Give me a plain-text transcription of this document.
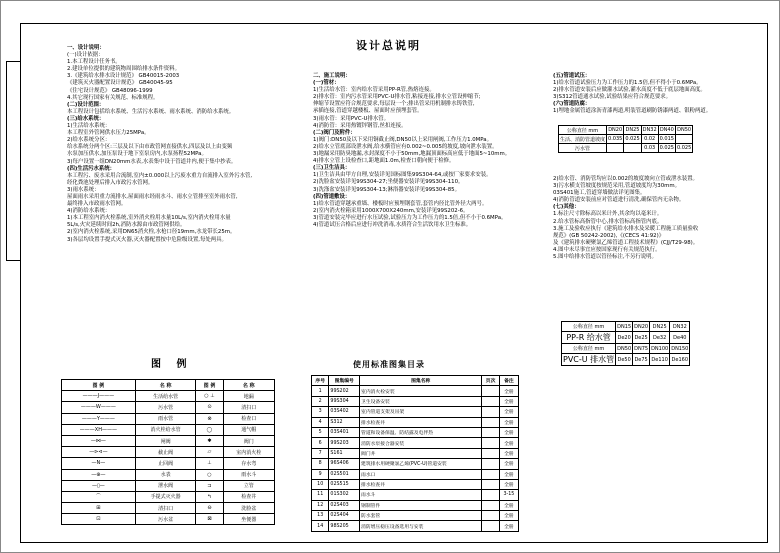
设计总说明

一、设计说明：

(一)设计依据：

1.本工程设计任务书。

2.建设单位提供的建筑物周围给排水条件资料。

3.《建筑给水排水设计规范》 GB40015-2003

《建筑灭火器配置设计规范》 GB40045-95

《住宅设计规范》 GB48096-1999

4.其它现行国家有关规范、标准规程。

(二)设计范围：

本工程设计包括给水系统、生活污水系统、雨水系统、消防给水系统。

(三)给水系统：

1)生活给水系统：

本工程室外管网供水压力25MPa。

2)给水系统分区：

给水系统分两个区:三层及以下由市政管网直接供水,四层及以上由变频

水泵加压供水,加压泵设于地下室泵房内,水泵扬程52MPa。

3)每户设置一组DN20mm水表,水表集中设于管道井内,便于集中抄表。

(四)生活污水系统：

本工程污、废水采用合流制,室内±0.000以上污废水重力自流排入室外污水管,

经化粪池处理后排入市政污水管网。

3)雨水系统：

屋面雨水采用重力流排水,屋面雨水经雨水斗、雨水立管排至室外雨水管,

最终排入市政雨水管网。

4)消防给水系统：

1)本工程室内消火栓系统,室外消火栓用水量10L/s,室内消火栓用水量

5L/s,火灾延续时间2h,消防水源由市政管网供给。

2)室内消火栓系统,采用DN65消火栓,水枪口径19mm,水龙带长25m。

3)各层均设置手提式灭火器,灭火器配置按中危险级设置,每处两具。

二、施工说明：

(一)管材：

1)生活给水管：室内给水管采用PP-R管,热熔连接。

2)排水管：室内污水管采用PVC-U排水管,粘接连接,排水立管设伸缩节;

伸缩节设置应符合规范要求,每层设一个;排出管采用机制排水铸铁管,

承插连接,管道穿越楼板、屋面时应预埋套管。

3)雨水管：采用PVC-U排水管。

4)消防管：采用热镀锌钢管,丝扣连接。

(二)阀门及附件：

1)阀门:DN50及以下采用铜截止阀,DN50以上采用闸阀,工作压力1.0MPa。

2)给水立管底部设泄水阀,给水横管应有0.002~0.005的坡度,坡向泄水装置。

3)地漏采用防臭地漏,水封深度不小于50mm,地漏顶面标高应低于地面5~10mm。

4)排水立管上设检查口,距地面1.0m,检查口朝向便于检修。

(三)卫生洁具：

1)卫生洁具由甲方自理,安装详见国标图集99S304-64,或按厂家要求安装。

2)洗脸盆安装详见99S304-27;坐便器安装详见99S304-110。

3)洗涤盆安装详见99S304-13;淋浴器安装详见99S304-85。

(四)管道敷设：

1)给水管道穿越承重墙、楼板时应预埋钢套管,套管内径比管外径大两号。

2)室内消火栓箱采用1000X700X240mm,安装详见99S202-6。

3)管道安装完毕应进行水压试验,试验压力为工作压力的1.5倍,但不小于0.6MPa。

4)管道试压合格后应进行冲洗消毒,水质符合生活饮用水卫生标准。

(五)管道试压：

1)给水管道试验压力为工作压力的1.5倍,但不得小于0.6MPa。

2)排水管道安装后应做灌水试验,灌水高度不低于底层地面高度。

3)S312管道通水试验,试验结果应符合规范要求。

(六)管道防腐：

1)埋地金属管道涂沥青漆两道,明装管道刷防锈漆两道、银粉两道。

公称直径 mm	DN20	DN25	DN32	DN40	DN50
生活、消防管道坡度	0.035	0.025	0.02	0.015	
污水管			0.03	0.025	0.025

2)给水管、消防管均应以0.002的坡度坡向立管或泄水装置。

3)污水横支管坡度按规范采用,管道坡度均为30mm。

03S401施工,管道穿墙做法详见图集。

4)消防管道安装前应对管道进行清洗,确保管内无杂物。

(七)其他：

1.标注尺寸除标高以米计外,其余均以毫米计。

2.给水管标高指管中心,排水管标高指管内底。

3.施工及验收应执行《建筑给水排水及采暖工程施工质量验收

规范》(GB 50242-2002),《(CECS 41:92)》

及《建筑排水硬聚氯乙烯管道工程技术规程》(CJJ/T29-98)。

4.图中未尽事宜应按国家现行有关规范执行。

5.图中给排水管道以管径标注,不另行说明。

公称直径 mm	DN15	DN20	DN25	DN32
PP-R 给水管	De20	De25	De32	De40
公称直径 mm	DN50	DN75	DN100	DN150
PVC-U 排水管	De50	De75	De110	De160
图 例
图 例	名 称	图 例	名 称
———J———	生活给水管	○ ⊥	地漏
———W———	污水管	⊙	清扫口
———Y———	雨水管	⊗	检查口
———XH———	消火栓给水管	◯	通气帽
—⋈—	闸阀	✱	阀门
—⊳⊲—	截止阀	▱	室内消火栓
—N—	止回阀	⊥	存水弯
—⊕—	水表	○	雨水斗
—▯—	泄水阀	⊐	立管
⌒	手提式灭火器	↰	检查井
⊞	清扫口	⊖	洗脸盆
⊡	污水盆	⊠	坐便器
使用标准图集目录
序号	图集编号	图集名称	页次	备注
1	99S202	室内消火栓安装		全册
2	99S304	卫生设备安装		全册
3	03S402	室内管道支架及吊架		全册
4	S312	排水检查井		全册
5	03S401	管道和设备保温、防结露及电伴热		全册
6	99S203	消防水泵接合器安装		全册
7	S161	阀门井		全册
8	96S406	建筑排水用硬聚氯乙烯(PVC-U)管道安装		全册
9	02S501	雨水口		全册
10	02S515	排水检查井		全册
11	01S302	雨水斗		3-15
12	02S403	钢制管件		全册
13	02S404	防水套管		全册
14	98S205	消防增压稳压设备选用与安装		全册
